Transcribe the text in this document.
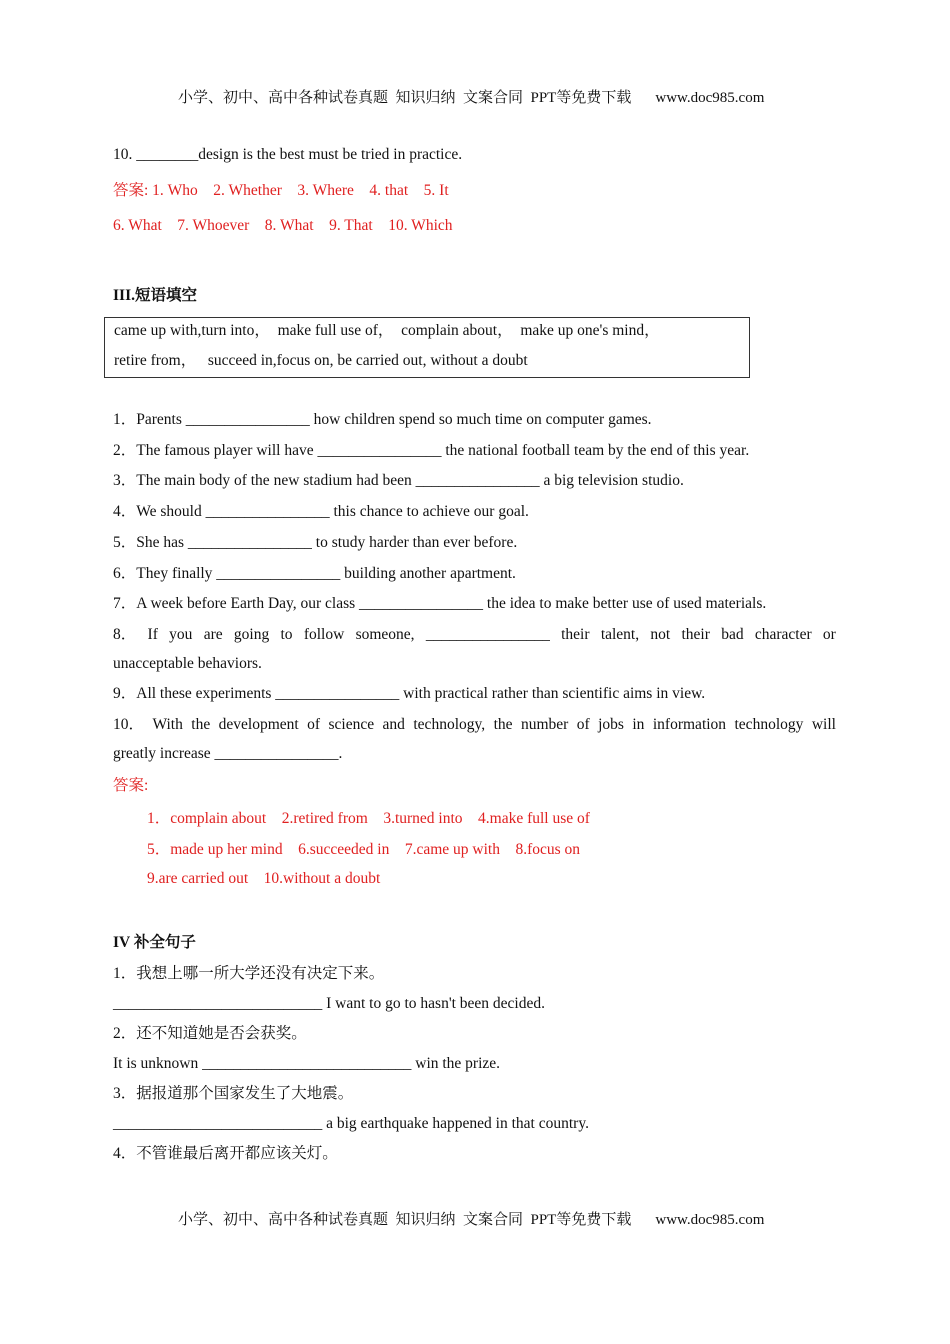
小学、初中、高中各种试卷真题  知识归纳  文案合同  PPT等免费下载 www.doc985.com

10. ________design is the best must be tried in practice.
答案: 1. Who    2. Whether    3. Where    4. that    5. It
6. What    7. Whoever    8. What    9. That    10. Which
III.短语填空
came up with,turn into，  make full use of，  complain about，  make up one's mind，
retire from，   succeed in,focus on, be carried out, without a doubt
1．Parents ________________ how children spend so much time on computer games.
2．The famous player will have ________________ the national football team by the end of this year.
3．The main body of the new stadium had been ________________ a big television studio.
4．We should ________________ this chance to achieve our goal.
5．She has ________________ to study harder than ever before.
6．They finally ________________ building another apartment.
7．A week before Earth Day, our class ________________ the idea to make better use of used materials.
8． If you are going to follow someone, ________________ their talent, not their bad character or
unacceptable behaviors.
9．All these experiments ________________ with practical rather than scientific aims in view.
10． With the development of science and technology, the number of jobs in information technology will
greatly increase ________________.
答案:
1．complain about    2.retired from    3.turned into    4.make full use of
5．made up her mind    6.succeeded in    7.came up with    8.focus on
9.are carried out    10.without a doubt
IV 补全句子
1．我想上哪一所大学还没有决定下来。
___________________________ I want to go to hasn't been decided.
2．还不知道她是否会获奖。
It is unknown ___________________________ win the prize.
3．据报道那个国家发生了大地震。
___________________________ a big earthquake happened in that country.
4．不管谁最后离开都应该关灯。

小学、初中、高中各种试卷真题  知识归纳  文案合同  PPT等免费下载 www.doc985.com
